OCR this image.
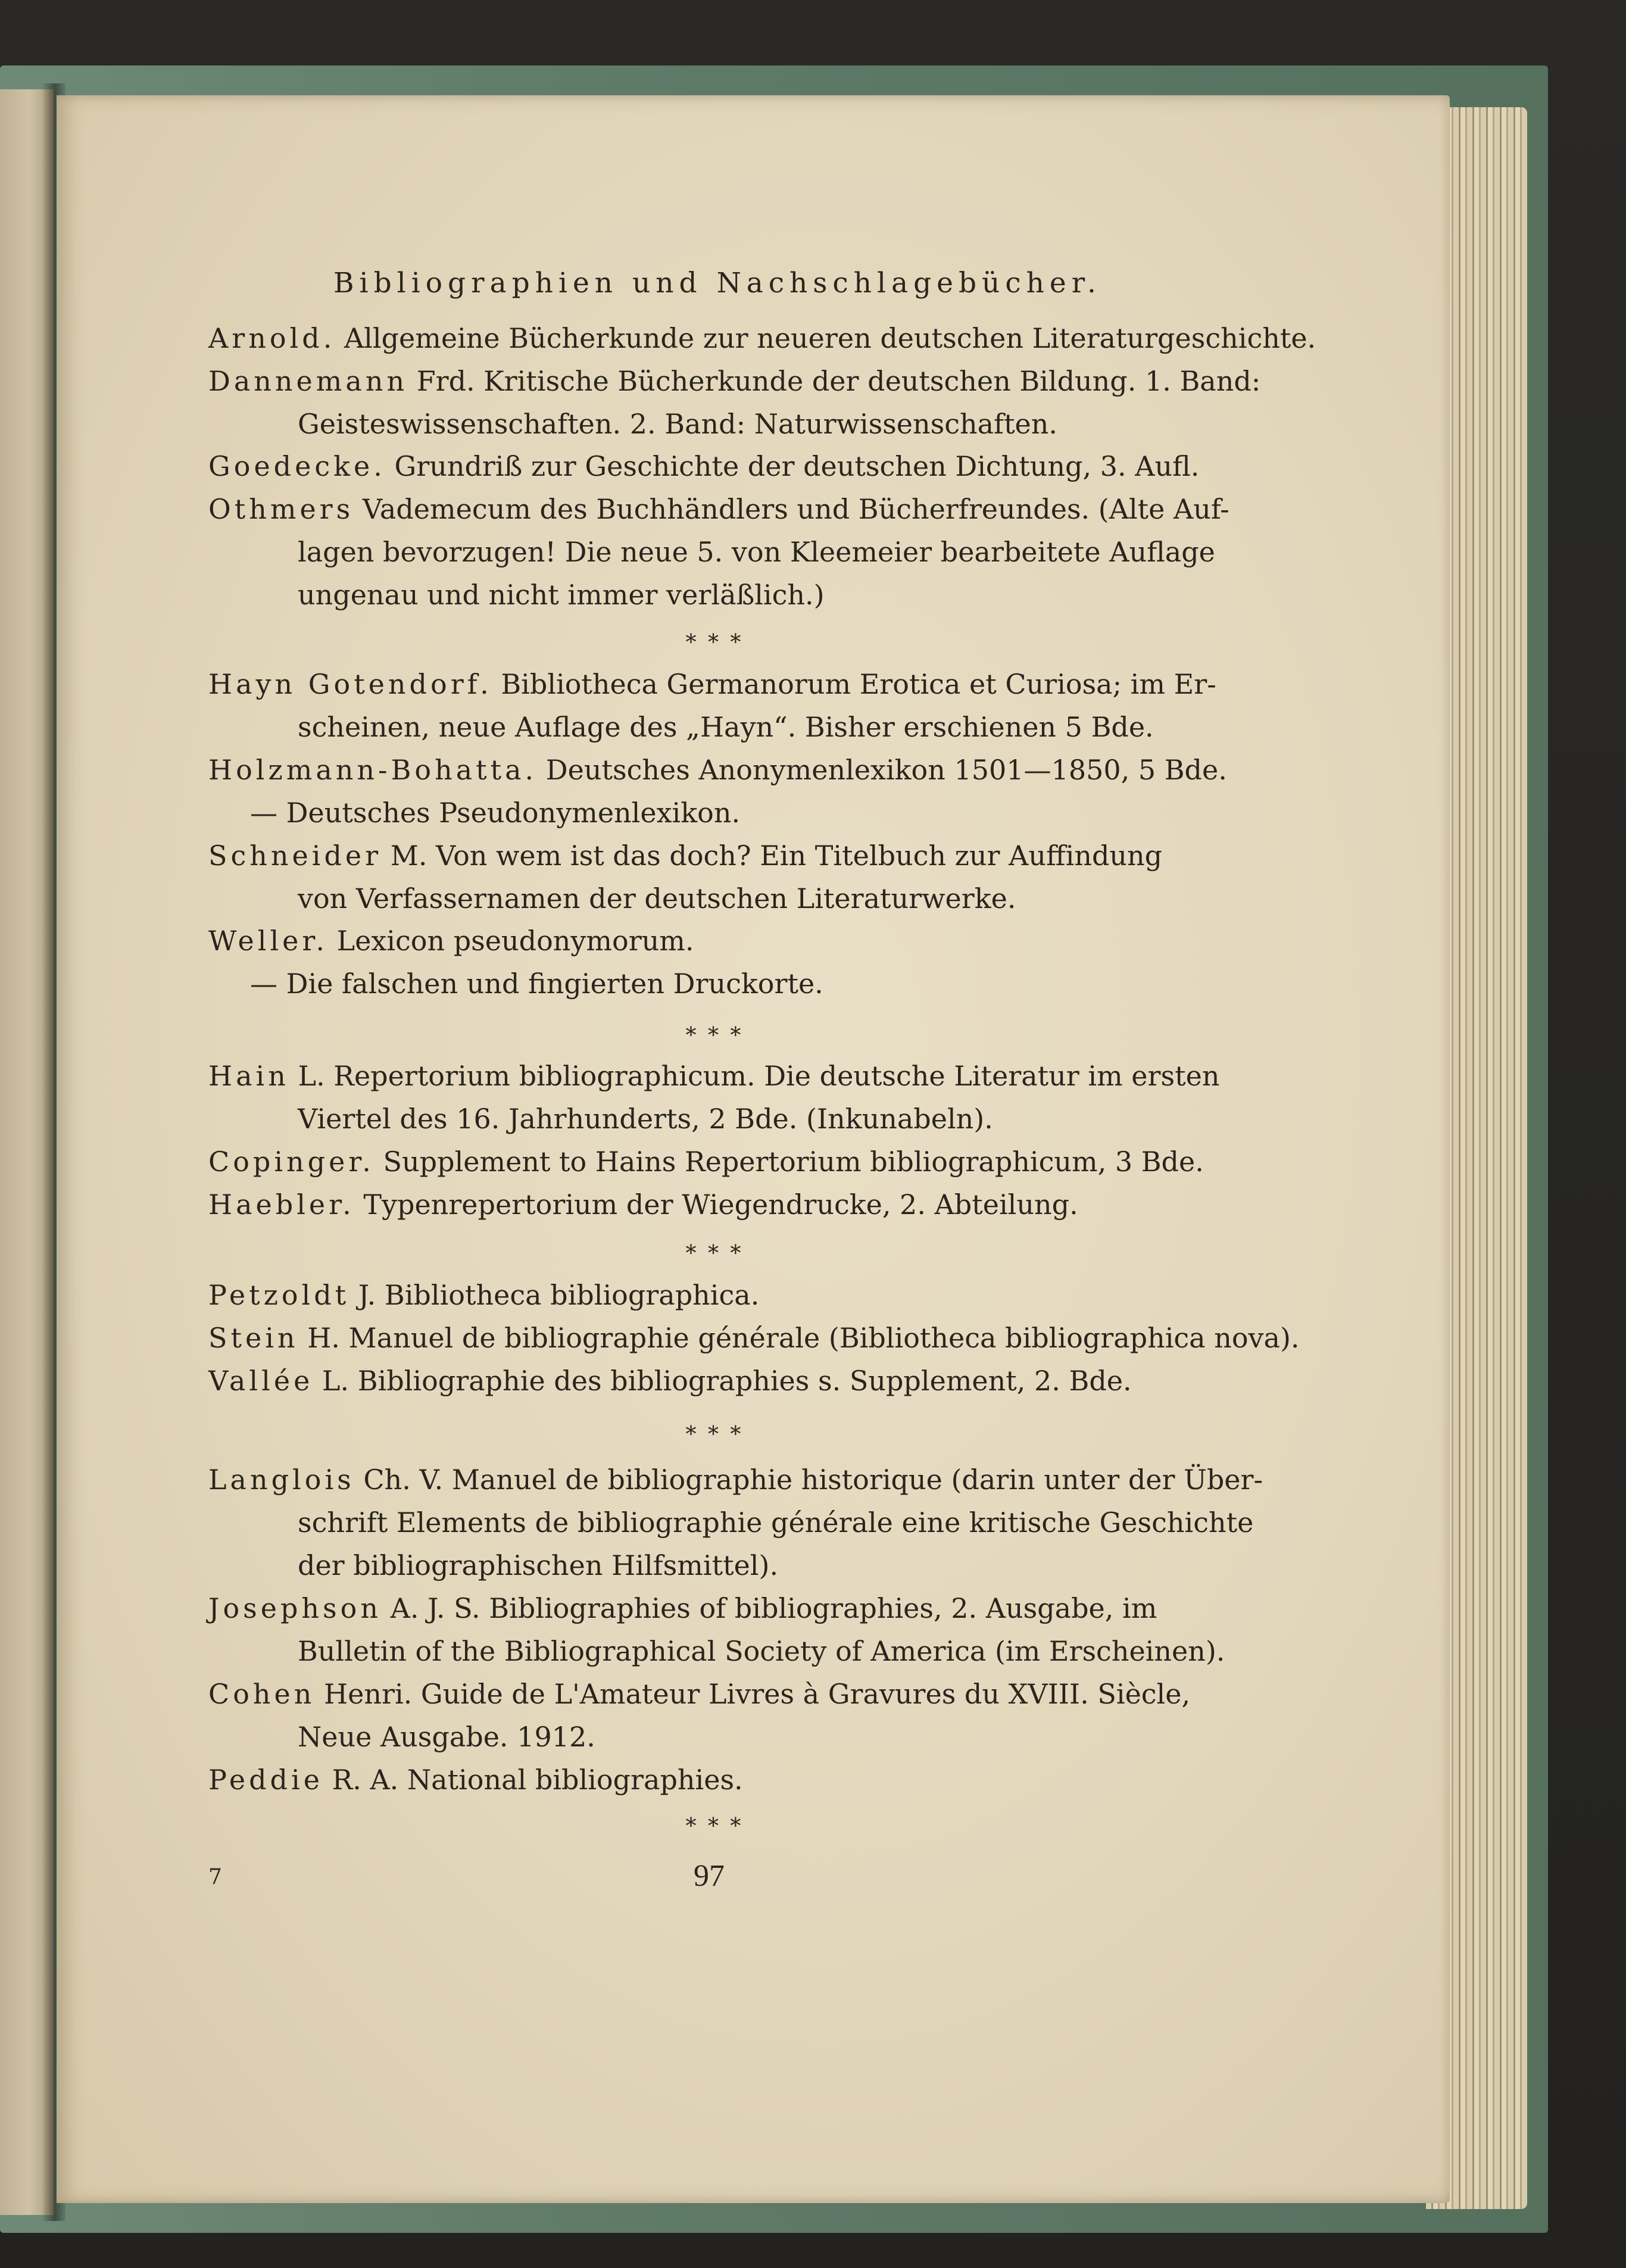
Bibliographien und Nachschlagebücher.
Arnold. Allgemeine Bücherkunde zur neueren deutschen Literaturgeschichte.
Dannemann Frd. Kritische Bücherkunde der deutschen Bildung. 1. Band:
Geisteswissenschaften. 2. Band: Naturwissenschaften.
Goedecke. Grundriß zur Geschichte der deutschen Dichtung, 3. Aufl.
Othmers Vademecum des Buchhändlers und Bücherfreundes. (Alte Auf-
lagen bevorzugen! Die neue 5. von Kleemeier bearbeitete Auflage
ungenau und nicht immer verläßlich.)
* * *
Hayn Gotendorf. Bibliotheca Germanorum Erotica et Curiosa; im Er-
scheinen, neue Auflage des „Hayn“. Bisher erschienen 5 Bde.
Holzmann-Bohatta. Deutsches Anonymenlexikon 1501—1850, 5 Bde.
— Deutsches Pseudonymenlexikon.
Schneider M. Von wem ist das doch? Ein Titelbuch zur Auffindung
von Verfassernamen der deutschen Literaturwerke.
Weller. Lexicon pseudonymorum.
— Die falschen und fingierten Druckorte.
* * *
Hain L. Repertorium bibliographicum. Die deutsche Literatur im ersten
Viertel des 16. Jahrhunderts, 2 Bde. (Inkunabeln).
Copinger. Supplement to Hains Repertorium bibliographicum, 3 Bde.
Haebler. Typenrepertorium der Wiegendrucke, 2. Abteilung.
* * *
Petzoldt J. Bibliotheca bibliographica.
Stein H. Manuel de bibliographie générale (Bibliotheca bibliographica nova).
Vallée L. Bibliographie des bibliographies s. Supplement, 2. Bde.
* * *
Langlois Ch. V. Manuel de bibliographie historique (darin unter der Über-
schrift Elements de bibliographie générale eine kritische Geschichte
der bibliographischen Hilfsmittel).
Josephson A. J. S. Bibliographies of bibliographies, 2. Ausgabe, im
Bulletin of the Bibliographical Society of America (im Erscheinen).
Cohen Henri. Guide de L'Amateur Livres à Gravures du XVIII. Siècle,
Neue Ausgabe. 1912.
Peddie R. A. National bibliographies.
* * *
7	97
